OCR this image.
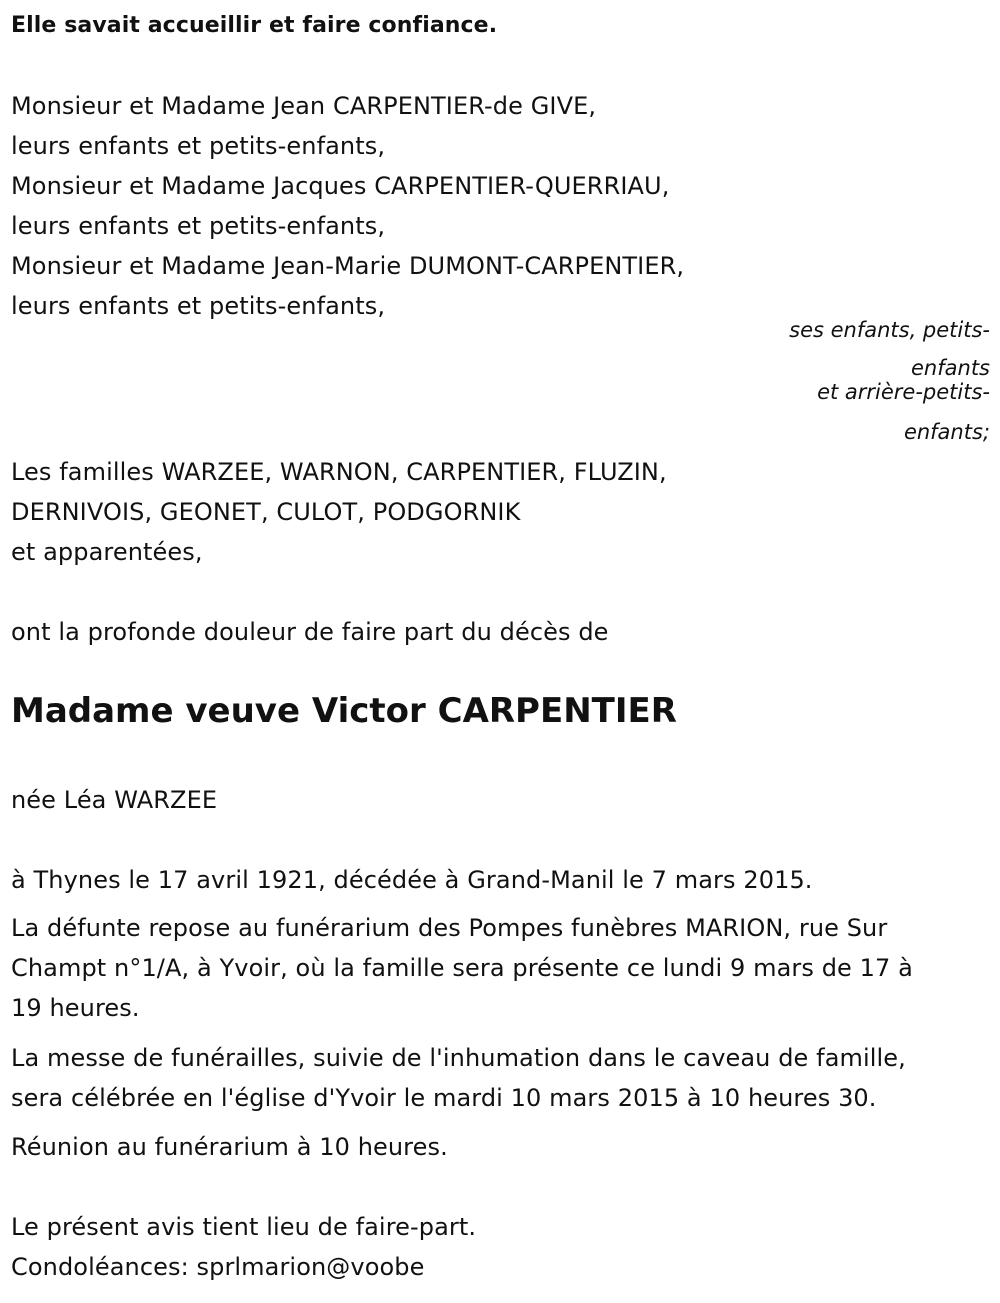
Elle savait accueillir et faire confiance.

Monsieur et Madame Jean CARPENTIER-de GIVE,

leurs enfants et petits-enfants,

Monsieur et Madame Jacques CARPENTIER-QUERRIAU,

leurs enfants et petits-enfants,

Monsieur et Madame Jean-Marie DUMONT-CARPENTIER,

leurs enfants et petits-enfants,

ses enfants, petits-

enfants

et arrière-petits-

enfants;

Les familles WARZEE, WARNON, CARPENTIER, FLUZIN,

DERNIVOIS, GEONET, CULOT, PODGORNIK

et apparentées,

ont la profonde douleur de faire part du décès de

Madame veuve Victor CARPENTIER

née Léa WARZEE

à Thynes le 17 avril 1921, décédée à Grand-Manil le 7 mars 2015.

La défunte repose au funérarium des Pompes funèbres MARION, rue Sur

Champt n°1/A, à Yvoir, où la famille sera présente ce lundi 9 mars de 17 à

19 heures.

La messe de funérailles, suivie de l'inhumation dans le caveau de famille,

sera célébrée en l'église d'Yvoir le mardi 10 mars 2015 à 10 heures 30.

Réunion au funérarium à 10 heures.

Le présent avis tient lieu de faire-part.

Condoléances: sprlmarion@voobe
